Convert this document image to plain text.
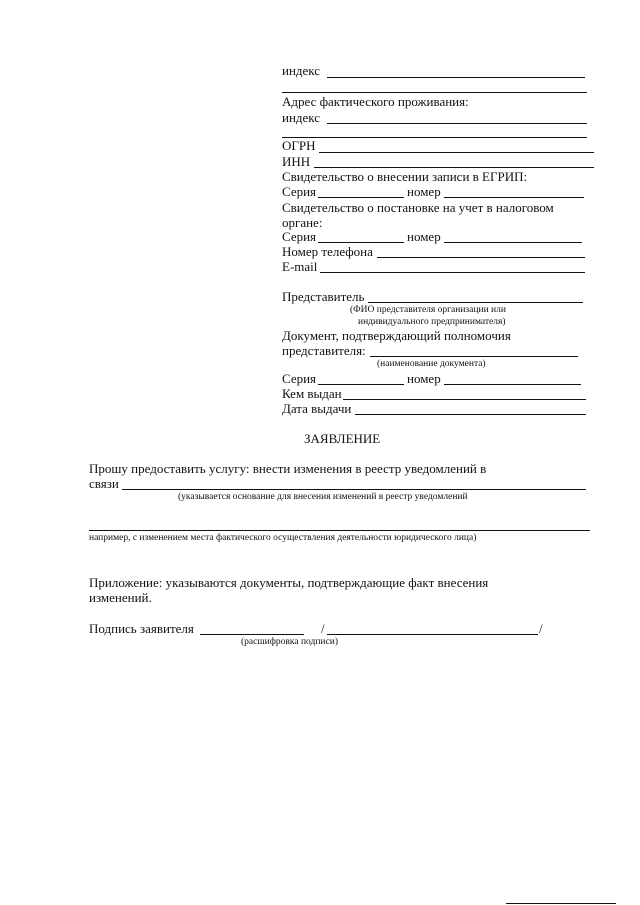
индекс
Адрес фактического проживания:
индекс
ОГРН
ИНН
Свидетельство о внесении записи в ЕГРИП:
Серия	номер
Свидетельство о постановке на учет в налоговом
органе:
Серия	номер
Номер телефона
E-mail
Представитель
(ФИО представителя организации или
индивидуального предпринимателя)
Документ, подтверждающий полномочия
представителя:
(наименование документа)
Серия	номер
Кем выдан
Дата выдачи
ЗАЯВЛЕНИЕ
Прошу предоставить услугу: внести изменения в реестр уведомлений в
связи
(указывается основание для внесения изменений в реестр уведомлений
например, с изменением места фактического осуществления деятельности юридического лица)
Приложение: указываются документы, подтверждающие факт внесения
изменений.
Подпись заявителя	/	/
(расшифровка подписи)
